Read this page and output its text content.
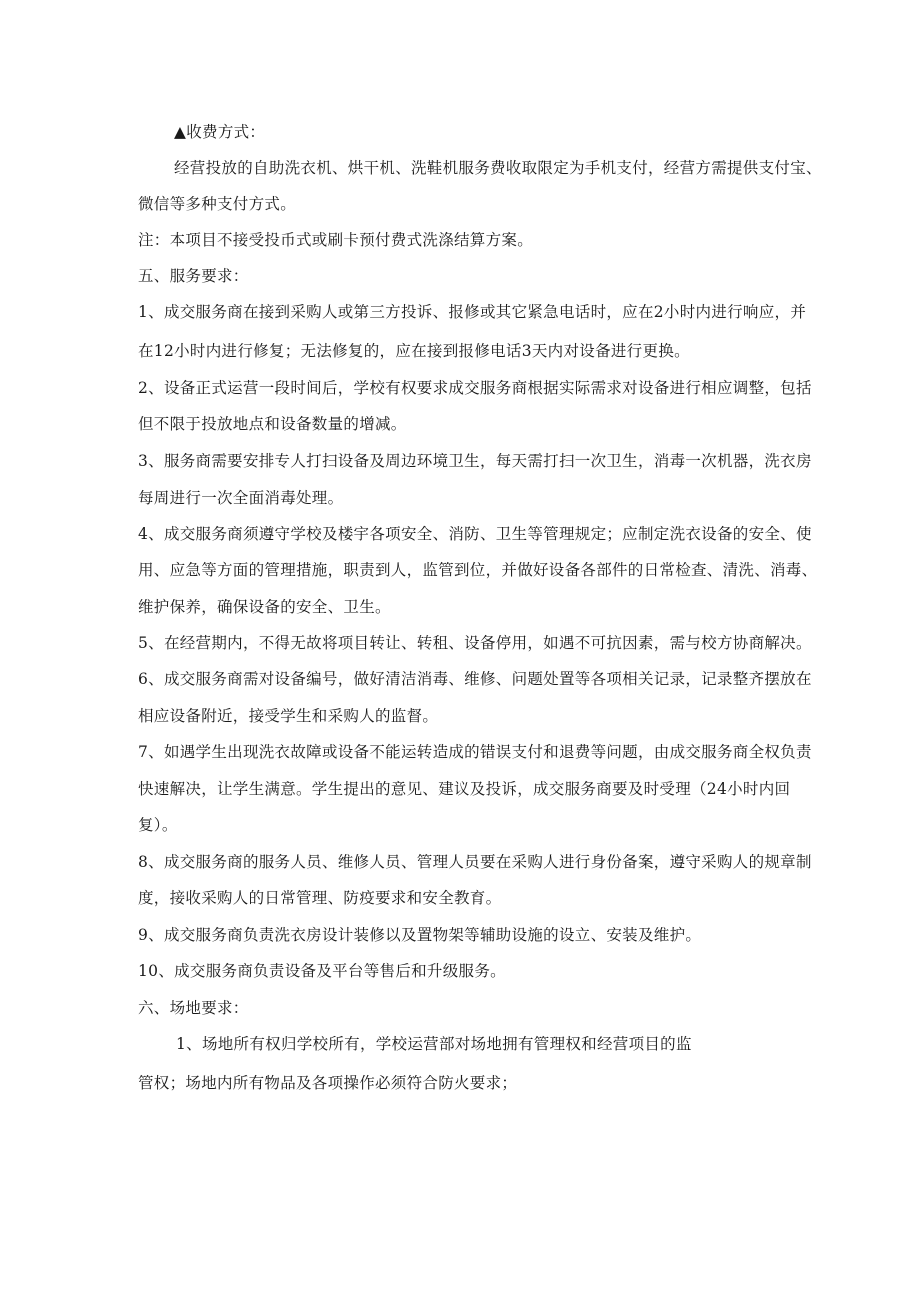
▲收费方式：
经营投放的自助洗衣机、烘干机、洗鞋机服务费收取限定为手机支付，经营方需提供支付宝、
微信等多种支付方式。
注：本项目不接受投币式或刷卡预付费式洗涤结算方案。
五、服务要求：
1、成交服务商在接到采购人或第三方投诉、报修或其它紧急电话时，应在2小时内进行响应，并
在12小时内进行修复；无法修复的，应在接到报修电话3天内对设备进行更换。
2、设备正式运营一段时间后，学校有权要求成交服务商根据实际需求对设备进行相应调整，包括
但不限于投放地点和设备数量的增减。
3、服务商需要安排专人打扫设备及周边环境卫生，每天需打扫一次卫生，消毒一次机器，洗衣房
每周进行一次全面消毒处理。
4、成交服务商须遵守学校及楼宇各项安全、消防、卫生等管理规定；应制定洗衣设备的安全、使
用、应急等方面的管理措施，职责到人，监管到位，并做好设备各部件的日常检查、清洗、消毒、
维护保养，确保设备的安全、卫生。
5、在经营期内，不得无故将项目转让、转租、设备停用，如遇不可抗因素，需与校方协商解决。
6、成交服务商需对设备编号，做好清洁消毒、维修、问题处置等各项相关记录，记录整齐摆放在
相应设备附近，接受学生和采购人的监督。
7、如遇学生出现洗衣故障或设备不能运转造成的错误支付和退费等问题，由成交服务商全权负责
快速解决，让学生满意。学生提出的意见、建议及投诉，成交服务商要及时受理（24小时内回
复）。
8、成交服务商的服务人员、维修人员、管理人员要在采购人进行身份备案，遵守采购人的规章制
度，接收采购人的日常管理、防疫要求和安全教育。
9、成交服务商负责洗衣房设计装修以及置物架等辅助设施的设立、安装及维护。
10、成交服务商负责设备及平台等售后和升级服务。
六、场地要求：
1、场地所有权归学校所有，学校运营部对场地拥有管理权和经营项目的监
管权；场地内所有物品及各项操作必须符合防火要求；
